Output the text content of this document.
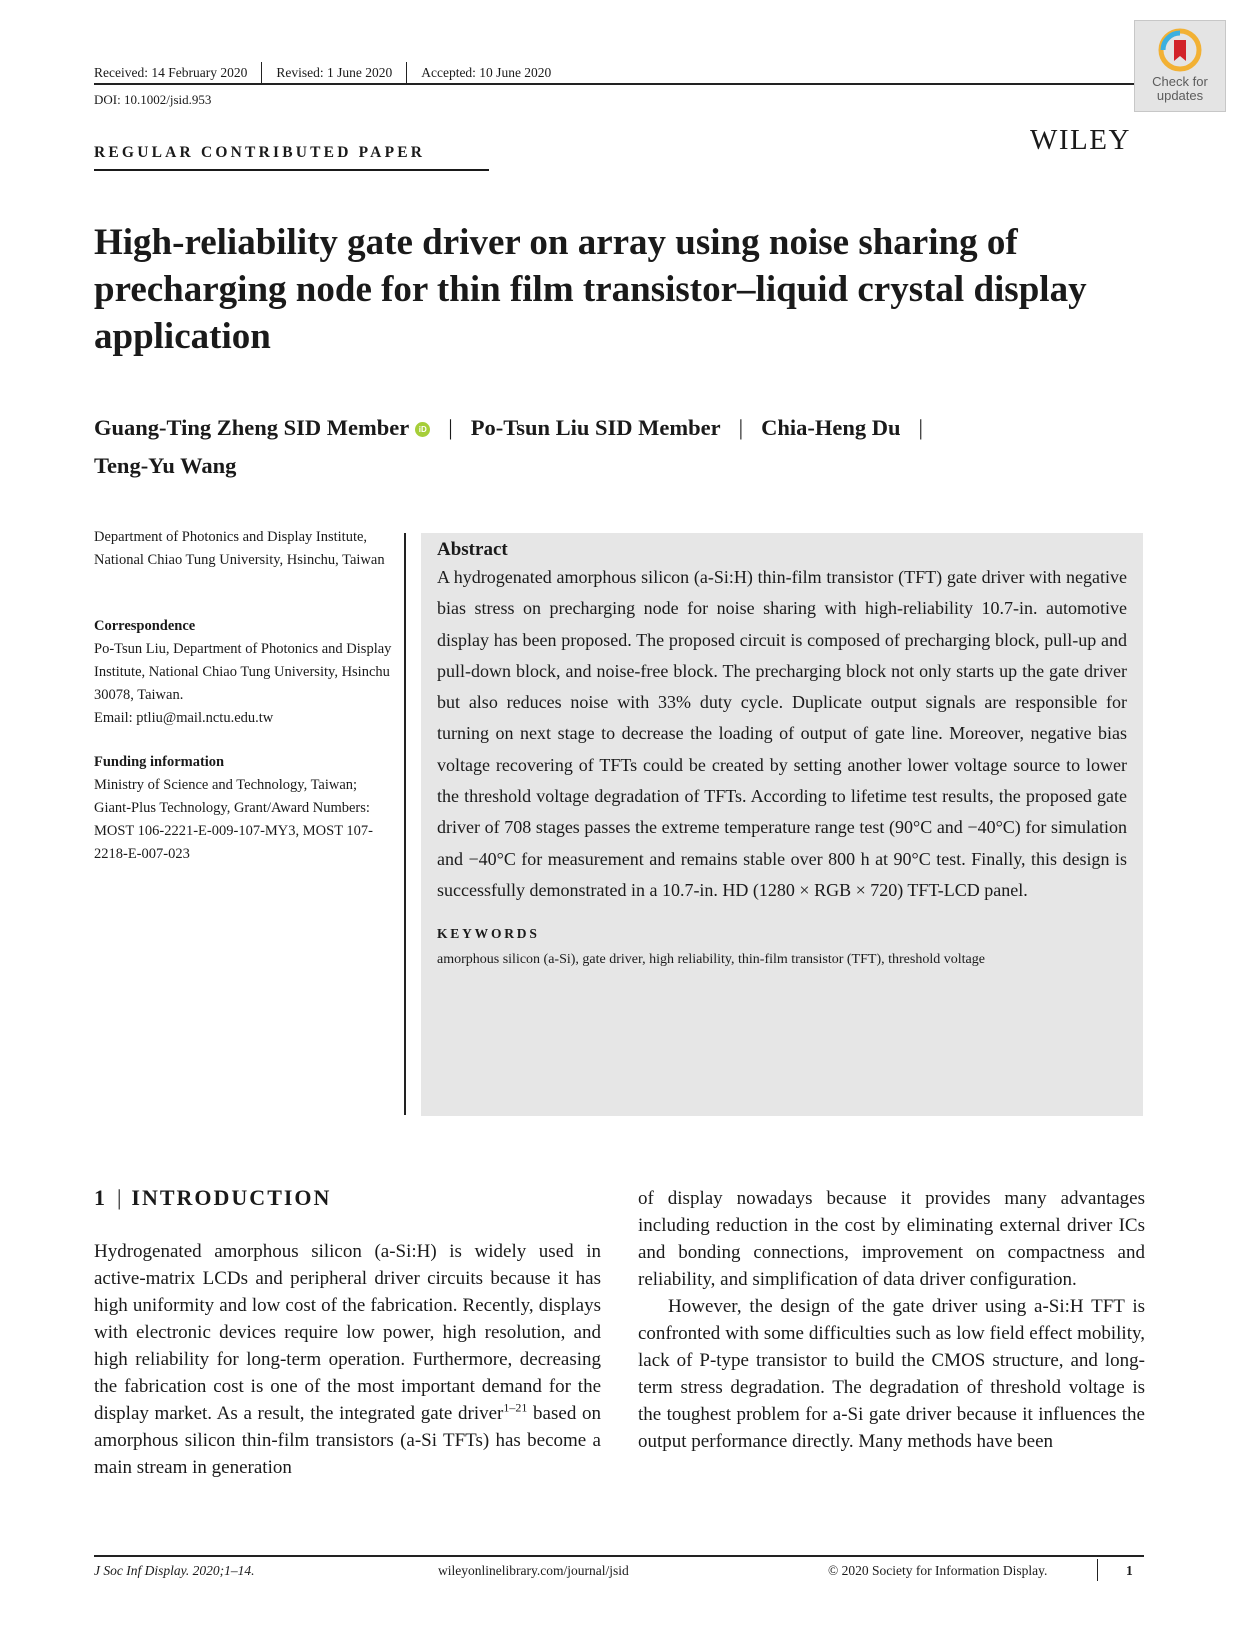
Received: 14 February 2020	Revised: 1 June 2020	Accepted: 10 June 2020
DOI: 10.1002/jsid.953
Check for
updates
REGULAR CONTRIBUTED PAPER	WILEY
High-reliability gate driver on array using noise sharing of precharging node for thin film transistor–liquid crystal display application
Guang-Ting Zheng SID Member iD | Po-Tsun Liu SID Member | Chia-Heng Du |
Teng-Yu Wang

Department of Photonics and Display Institute, National Chiao Tung University, Hsinchu, Taiwan

Correspondence

Po-Tsun Liu, Department of Photonics and Display Institute, National Chiao Tung University, Hsinchu 30078, Taiwan.

Email: ptliu@mail.nctu.edu.tw

Funding information

Ministry of Science and Technology, Taiwan; Giant-Plus Technology, Grant/Award Numbers: MOST 106-2221-E-009-107-MY3, MOST 107-2218-E-007-023

Abstract

A hydrogenated amorphous silicon (a-Si:H) thin-film transistor (TFT) gate driver with negative bias stress on precharging node for noise sharing with high-reliability 10.7-in. automotive display has been proposed. The proposed circuit is composed of precharging block, pull-up and pull-down block, and noise-free block. The precharging block not only starts up the gate driver but also reduces noise with 33% duty cycle. Duplicate output signals are responsible for turning on next stage to decrease the loading of output of gate line. Moreover, negative bias voltage recovering of TFTs could be created by setting another lower voltage source to lower the threshold voltage degradation of TFTs. According to lifetime test results, the proposed gate driver of 708 stages passes the extreme temperature range test (90°C and −40°C) for simulation and −40°C for measurement and remains stable over 800 h at 90°C test. Finally, this design is successfully demonstrated in a 10.7-in. HD (1280 × RGB × 720) TFT-LCD panel.

KEYWORDS
amorphous silicon (a-Si), gate driver, high reliability, thin-film transistor (TFT), threshold voltage
1 | INTRODUCTION

Hydrogenated amorphous silicon (a-Si:H) is widely used in active-matrix LCDs and peripheral driver circuits because it has high uniformity and low cost of the fabrication. Recently, displays with electronic devices require low power, high resolution, and high reliability for long-term operation. Furthermore, decreasing the fabrication cost is one of the most important demand for the display market. As a result, the integrated gate driver$^{1-21}$ based on amorphous silicon thin-film transistors (a-Si TFTs) has become a main stream in generation

of display nowadays because it provides many advantages including reduction in the cost by eliminating external driver ICs and bonding connections, improvement on compactness and reliability, and simplification of data driver configuration.

However, the design of the gate driver using a-Si:H TFT is confronted with some difficulties such as low field effect mobility, lack of P-type transistor to build the CMOS structure, and long-term stress degradation. The degradation of threshold voltage is the toughest problem for a-Si gate driver because it influences the output performance directly. Many methods have been

J Soc Inf Display. 2020;1–14.	wileyonlinelibrary.com/journal/jsid	© 2020 Society for Information Display.	1
